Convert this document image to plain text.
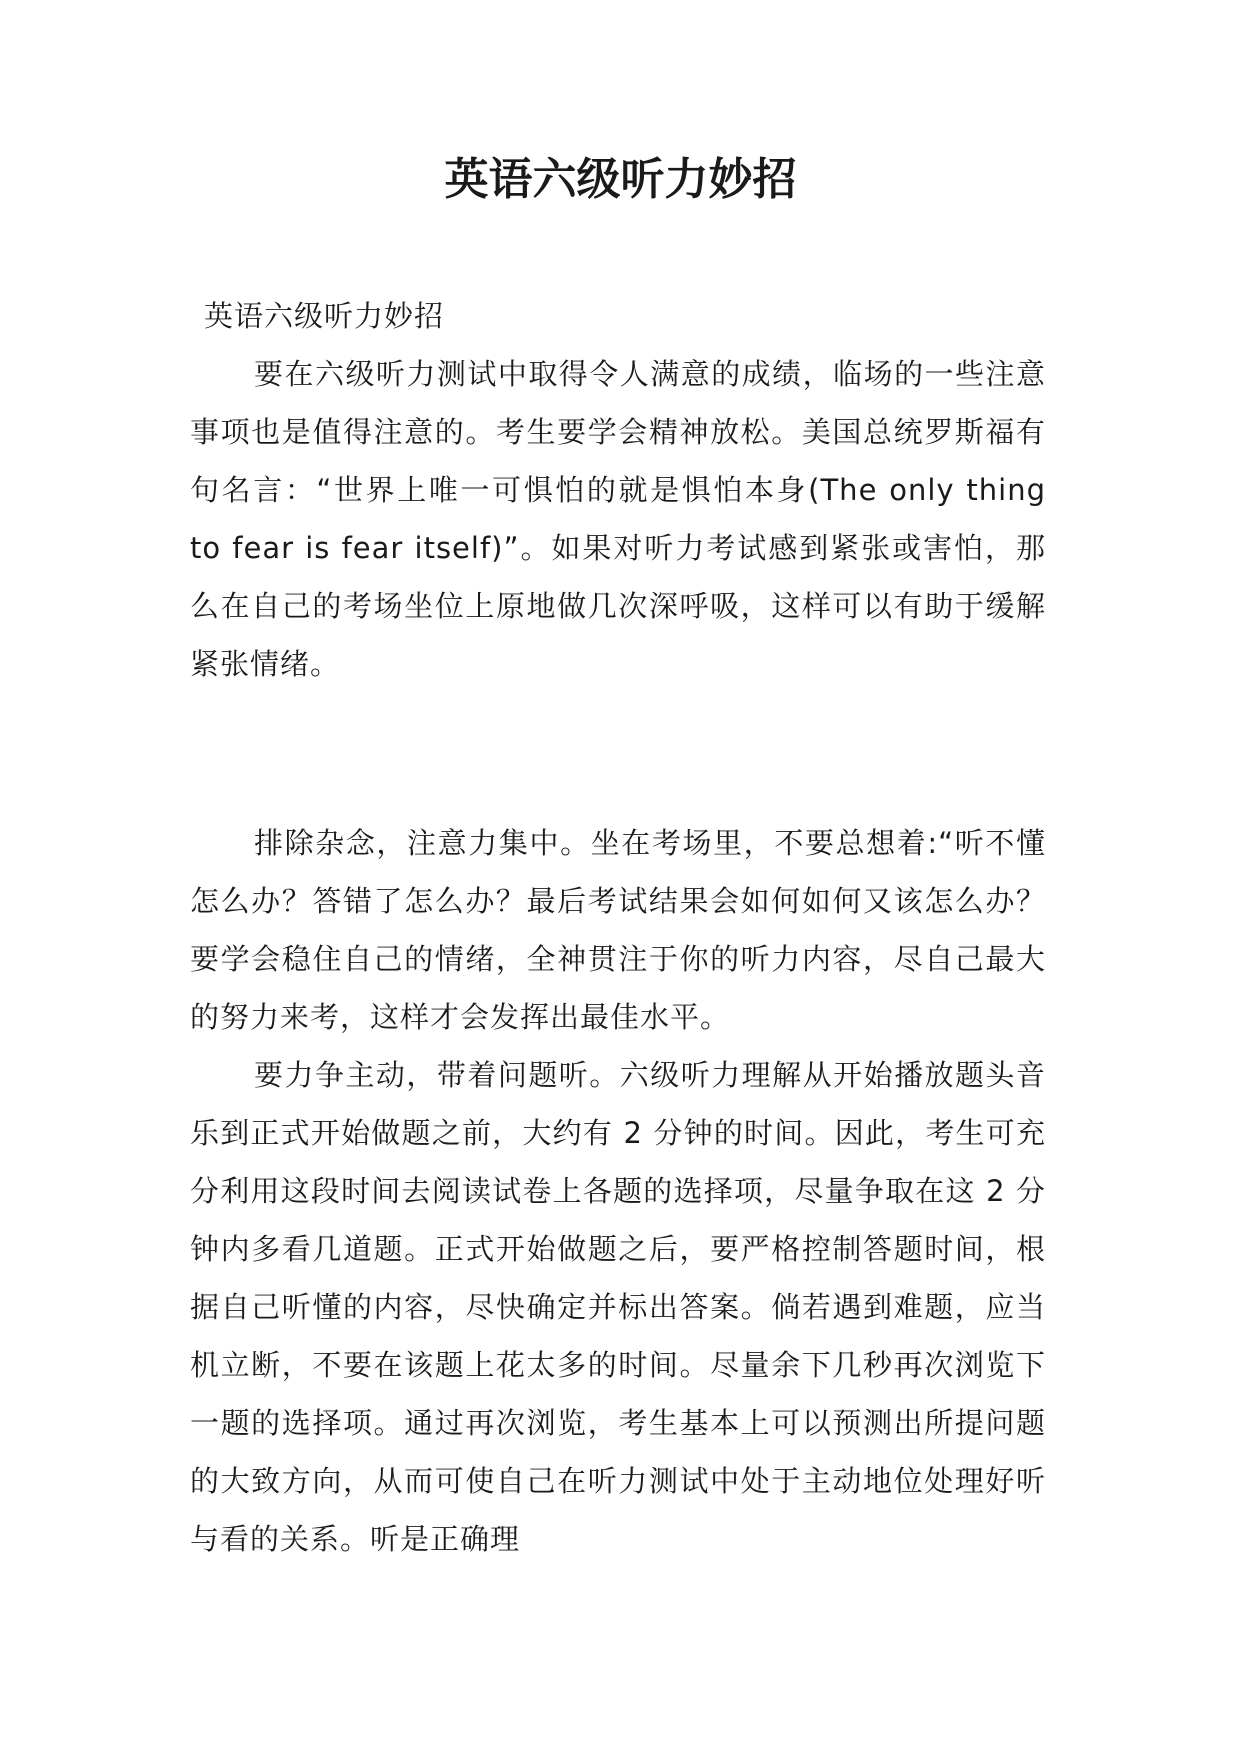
英语六级听力妙招
英语六级听力妙招

要在六级听力测试中取得令人满意的成绩，临场的一些注意事项也是值得注意的。考生要学会精神放松。美国总统罗斯福有句名言：“世界上唯一可惧怕的就是惧怕本身(The only thing to fear is fear itself)”。如果对听力考试感到紧张或害怕，那么在自己的考场坐位上原地做几次深呼吸，这样可以有助于缓解紧张情绪。

排除杂念，注意力集中。坐在考场里，不要总想着:“听不懂怎么办？答错了怎么办？最后考试结果会如何如何又该怎么办？要学会稳住自己的情绪，全神贯注于你的听力内容，尽自己最大的努力来考，这样才会发挥出最佳水平。

要力争主动，带着问题听。六级听力理解从开始播放题头音乐到正式开始做题之前，大约有 2 分钟的时间。因此，考生可充分利用这段时间去阅读试卷上各题的选择项，尽量争取在这 2 分钟内多看几道题。正式开始做题之后，要严格控制答题时间，根据自己听懂的内容，尽快确定并标出答案。倘若遇到难题，应当机立断，不要在该题上花太多的时间。尽量余下几秒再次浏览下一题的选择项。通过再次浏览，考生基本上可以预测出所提问题的大致方向，从而可使自己在听力测试中处于主动地位处理好听与看的关系。听是正确理
